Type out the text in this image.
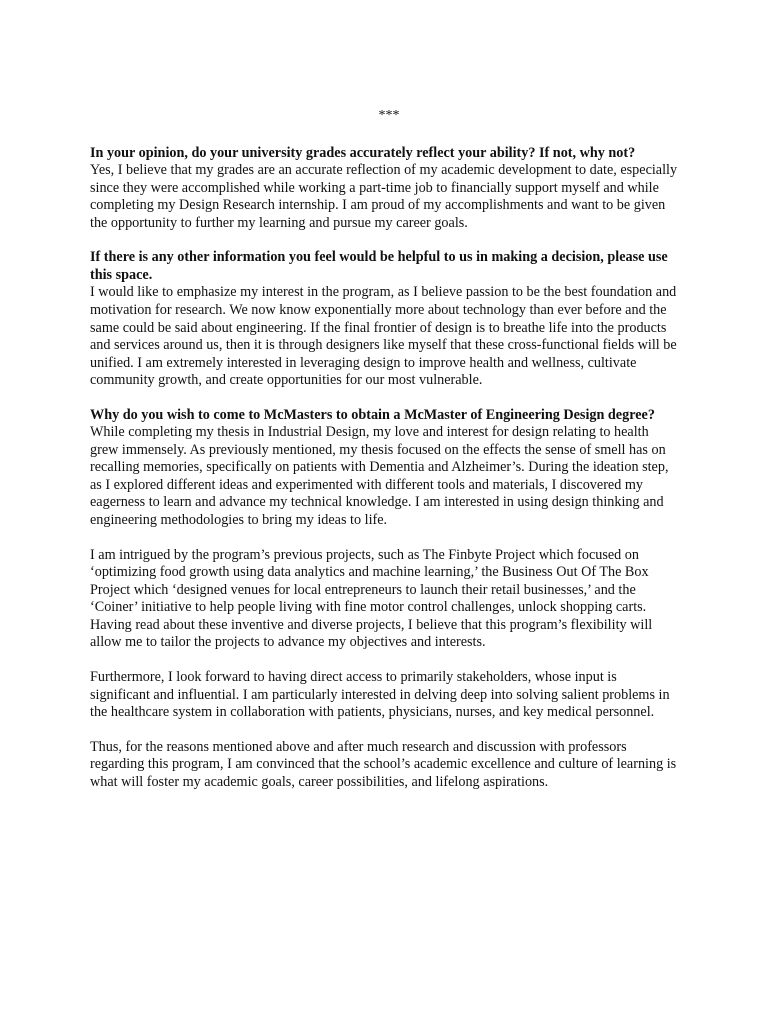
***

In your opinion, do your university grades accurately reflect your ability? If not, why not?

Yes, I believe that my grades are an accurate reflection of my academic development to date, especially since they were accomplished while working a part-time job to financially support myself and while completing my Design Research internship. I am proud of my accomplishments and want to be given the opportunity to further my learning and pursue my career goals.

If there is any other information you feel would be helpful to us in making a decision, please use this space.

I would like to emphasize my interest in the program, as I believe passion to be the best foundation and motivation for research. We now know exponentially more about technology than ever before and the same could be said about engineering. If the final frontier of design is to breathe life into the products and services around us, then it is through designers like myself that these cross-functional fields will be unified. I am extremely interested in leveraging design to improve health and wellness, cultivate community growth, and create opportunities for our most vulnerable.

Why do you wish to come to McMasters to obtain a McMaster of Engineering Design degree?

While completing my thesis in Industrial Design, my love and interest for design relating to health grew immensely. As previously mentioned, my thesis focused on the effects the sense of smell has on recalling memories, specifically on patients with Dementia and Alzheimer’s. During the ideation step, as I explored different ideas and experimented with different tools and materials, I discovered my eagerness to learn and advance my technical knowledge. I am interested in using design thinking and engineering methodologies to bring my ideas to life.

I am intrigued by the program’s previous projects, such as The Finbyte Project which focused on ‘optimizing food growth using data analytics and machine learning,’ the Business Out Of The Box Project which ‘designed venues for local entrepreneurs to launch their retail businesses,’ and the ‘Coiner’ initiative to help people living with fine motor control challenges, unlock shopping carts. Having read about these inventive and diverse projects, I believe that this program’s flexibility will allow me to tailor the projects to advance my objectives and interests.

Furthermore, I look forward to having direct access to primarily stakeholders, whose input is significant and influential. I am particularly interested in delving deep into solving salient problems in the healthcare system in collaboration with patients, physicians, nurses, and key medical personnel.

Thus, for the reasons mentioned above and after much research and discussion with professors regarding this program, I am convinced that the school’s academic excellence and culture of learning is what will foster my academic goals, career possibilities, and lifelong aspirations.
